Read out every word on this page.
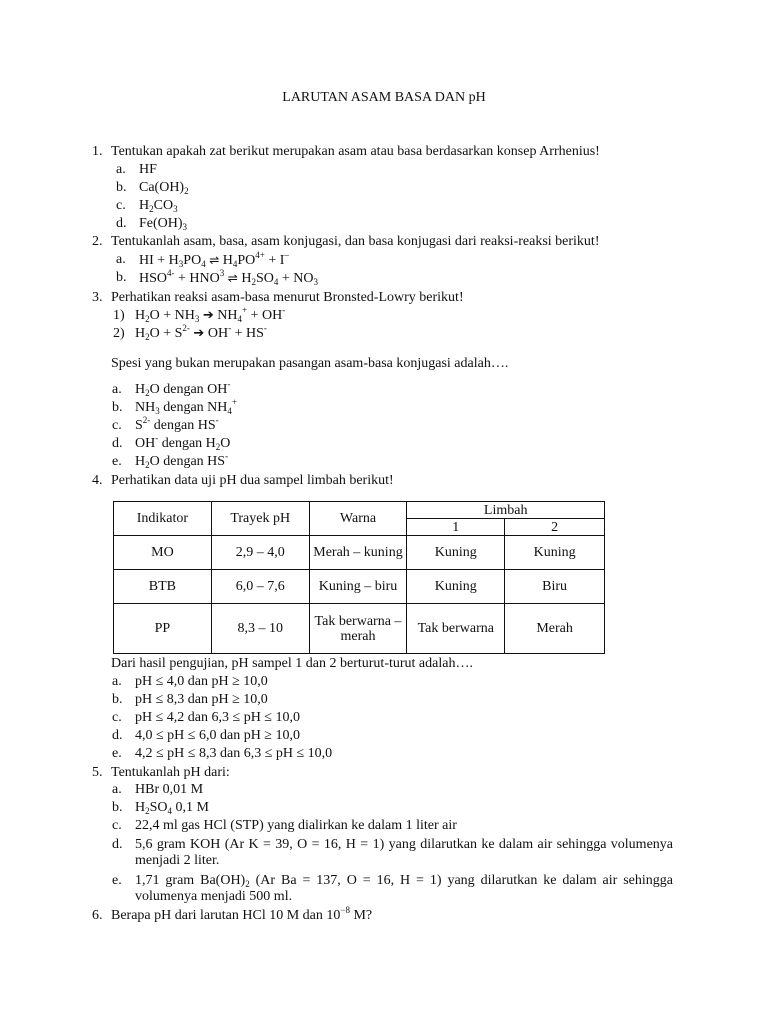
LARUTAN ASAM BASA DAN pH
1. Tentukan apakah zat berikut merupakan asam atau basa berdasarkan konsep Arrhenius!
a. HF
b. $Ca(OH)_2$
c. $H_2CO_3$
d. $Fe(OH)_3$
2. Tentukanlah asam, basa, asam konjugasi, dan basa konjugasi dari reaksi-reaksi berikut!
a. HI + $H_3PO_4$ ⇌ $H_4PO^{4+} + I^-$
b. $HSO^{4-} + HNO^3$ ⇌ $H_2SO_4 + NO_3$
3. Perhatikan reaksi asam-basa menurut Bronsted-Lowry berikut!
1) $H_2O + NH_3$ ➔ $NH_4^+ + OH^-$
2) $H_2O + S^{2-}$ ➔ OH- + HS-
Spesi yang bukan merupakan pasangan asam-basa konjugasi adalah….
a. $H_2O$ dengan OH-
b. $NH_3$ dengan $NH_4^+$
c. $S^{2-}$ dengan HS-
d. OH- dengan $H_2O$
e. $H_2O$ dengan HS-
4. Perhatikan data uji pH dua sampel limbah berikut!
Indikator	Trayek pH	Warna	Limbah	
			1	2
MO	2,9 – 4,0	Merah – kuning	Kuning	Kuning
BTB	6,0 – 7,6	Kuning – biru	Kuning	Biru
PP	8,3 – 10	Tak berwarna – merah	Tak berwarna	Merah
Dari hasil pengujian, pH sampel 1 dan 2 berturut-turut adalah….
a. pH ≤ 4,0 dan pH ≥ 10,0
b. pH ≤ 8,3 dan pH ≥ 10,0
c. pH ≤ 4,2 dan 6,3 ≤ pH ≤ 10,0
d. 4,0 ≤ pH ≤ 6,0 dan pH ≥ 10,0
e. 4,2 ≤ pH ≤ 8,3 dan 6,3 ≤ pH ≤ 10,0
5. Tentukanlah pH dari:
a. HBr 0,01 M
b. $H_2SO_4$ 0,1 M
c. 22,4 ml gas HCl (STP) yang dialirkan ke dalam 1 liter air
d. 5,6 gram KOH (Ar K = 39, O = 16, H = 1) yang dilarutkan ke dalam air sehingga volumenya menjadi 2 liter.
e. 1,71 gram $Ba(OH)_2$ (Ar Ba = 137, O = 16, H = 1) yang dilarutkan ke dalam air sehingga volumenya menjadi 500 ml.
6. Berapa pH dari larutan HCl 10 M dan $10^{-8}$ M?
